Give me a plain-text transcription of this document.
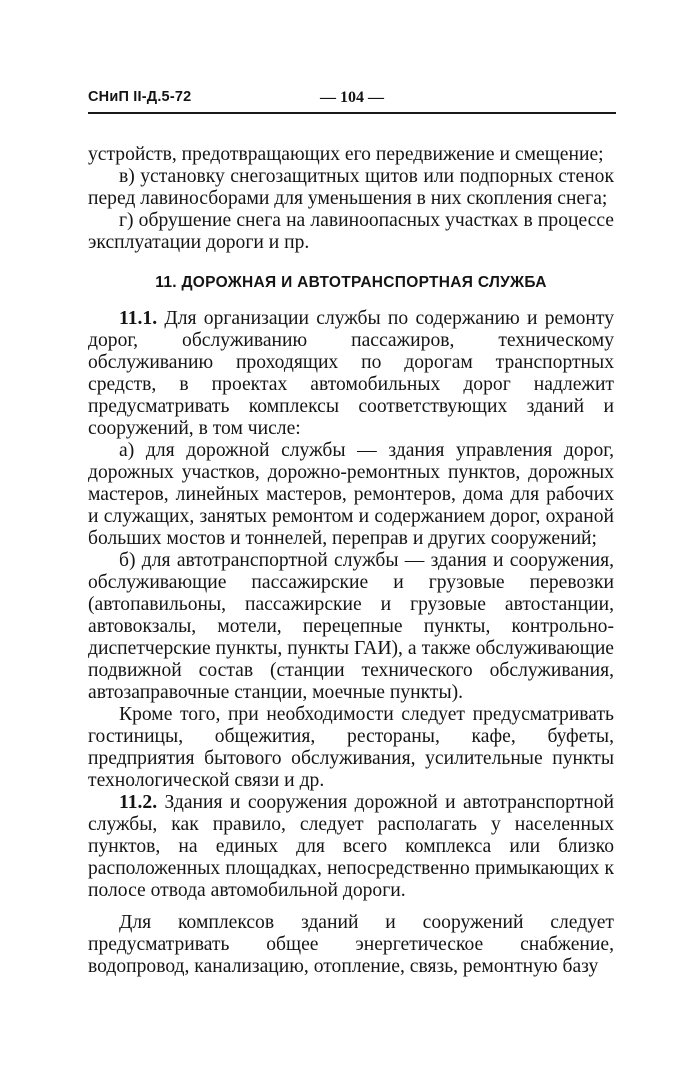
СНиП II-Д.5-72	— 104 —

устройств, предотвращающих его передвижение и смещение;

в) установку снегозащитных щитов или подпорных стенок перед лавиносборами для уменьшения в них скопления снега;

г) обрушение снега на лавиноопасных участках в процессе эксплуатации дороги и пр.

11. ДОРОЖНАЯ И АВТОТРАНСПОРТНАЯ СЛУЖБА

11.1. Для организации службы по содержанию и ремонту дорог, обслуживанию пассажиров, техническому обслуживанию проходящих по дорогам транспортных средств, в проектах автомобильных дорог надлежит предусматривать комплексы соответствующих зданий и сооружений, в том числе:

а) для дорожной службы — здания управления дорог, дорожных участков, дорожно-ремонтных пунктов, дорожных мастеров, линейных мастеров, ремонтеров, дома для рабочих и служащих, занятых ремонтом и содержанием дорог, охраной больших мостов и тоннелей, переправ и других сооружений;

б) для автотранспортной службы — здания и сооружения, обслуживающие пассажирские и грузовые перевозки (автопавильоны, пассажирские и грузовые автостанции, автовокзалы, мотели, перецепные пункты, контрольно-диспетчерские пункты, пункты ГАИ), а также обслуживающие подвижной состав (станции технического обслуживания, автозаправочные станции, моечные пункты).

Кроме того, при необходимости следует предусматривать гостиницы, общежития, рестораны, кафе, буфеты, предприятия бытового обслуживания, усилительные пункты технологической связи и др.

11.2. Здания и сооружения дорожной и автотранспортной службы, как правило, следует располагать у населенных пунктов, на единых для всего комплекса или близко расположенных площадках, непосредственно примыкающих к полосе отвода автомобильной дороги.

Для комплексов зданий и сооружений следует предусматривать общее энергетическое снабжение, водопровод, канализацию, отопление, связь, ремонтную базу
